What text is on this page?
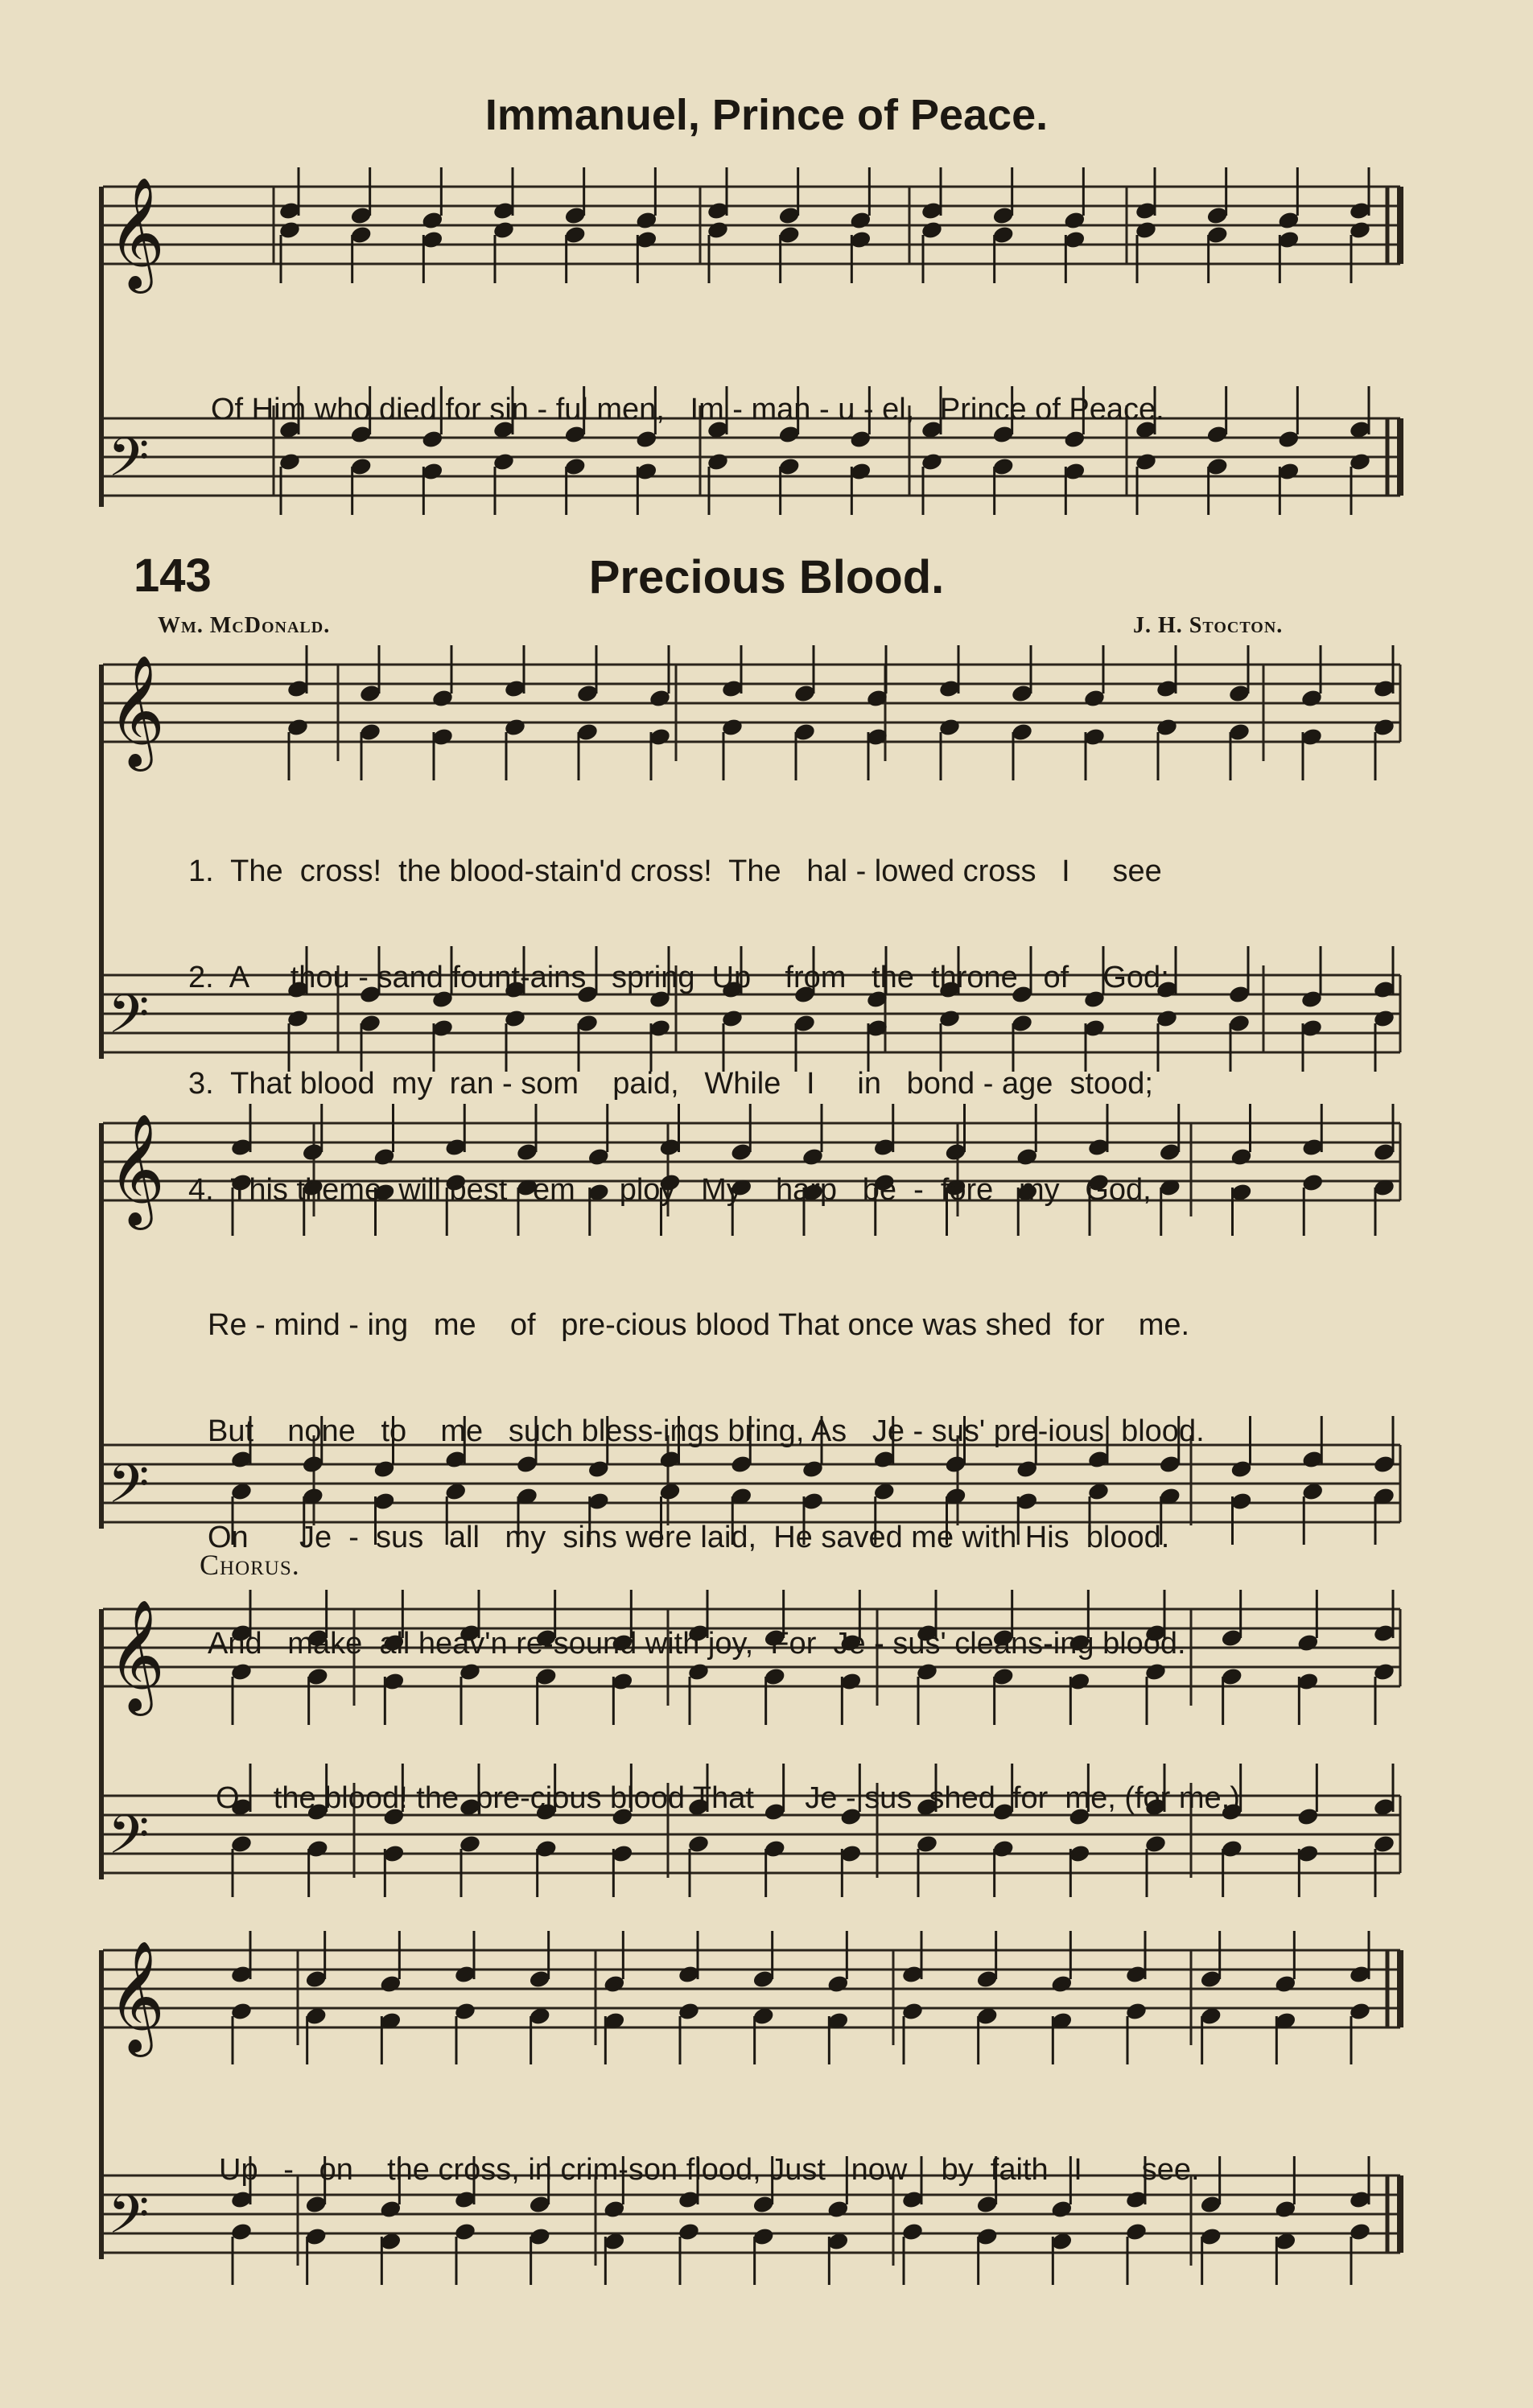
𝄞
𝄢
𝄞
𝄢
𝄞
𝄢
𝄞
𝄢
𝄞
𝄢
Immanuel, Prince of Peace.

Of Him who died for sin - ful men,   Im - man - u - el,   Prince of Peace.

143	Precious Blood.
Wm. McDonald.	J. H. Stocton.

1.  The  cross!  the blood-stain'd cross!  The   hal - lowed cross   I     see

2.  A     thou - sand fount-ains   spring  Up    from   the  throne   of    God;

3.  That blood  my  ran - som    paid,   While   I     in   bond - age  stood;

4.  This theme  will best   em  -  ploy   My    harp   be  -  fore   my   God,

Re - mind - ing   me    of   pre-cious blood That once was shed  for    me.

But    none   to    me   such bless-ings bring, As   Je - sus' pre-ious  blood.

On      Je  -  sus   all   my  sins were laid,  He saved me with His  blood.

And   make  all heav'n re-sound with joy,  For  Je - sus' cleans-ing blood.

Chorus.

O    the blood! the  pre-cious blood That      Je - sus  shed  for  me, (for me,)

Up   -   on    the cross, in crim-son flood, Just   now    by  faith   I       see.
